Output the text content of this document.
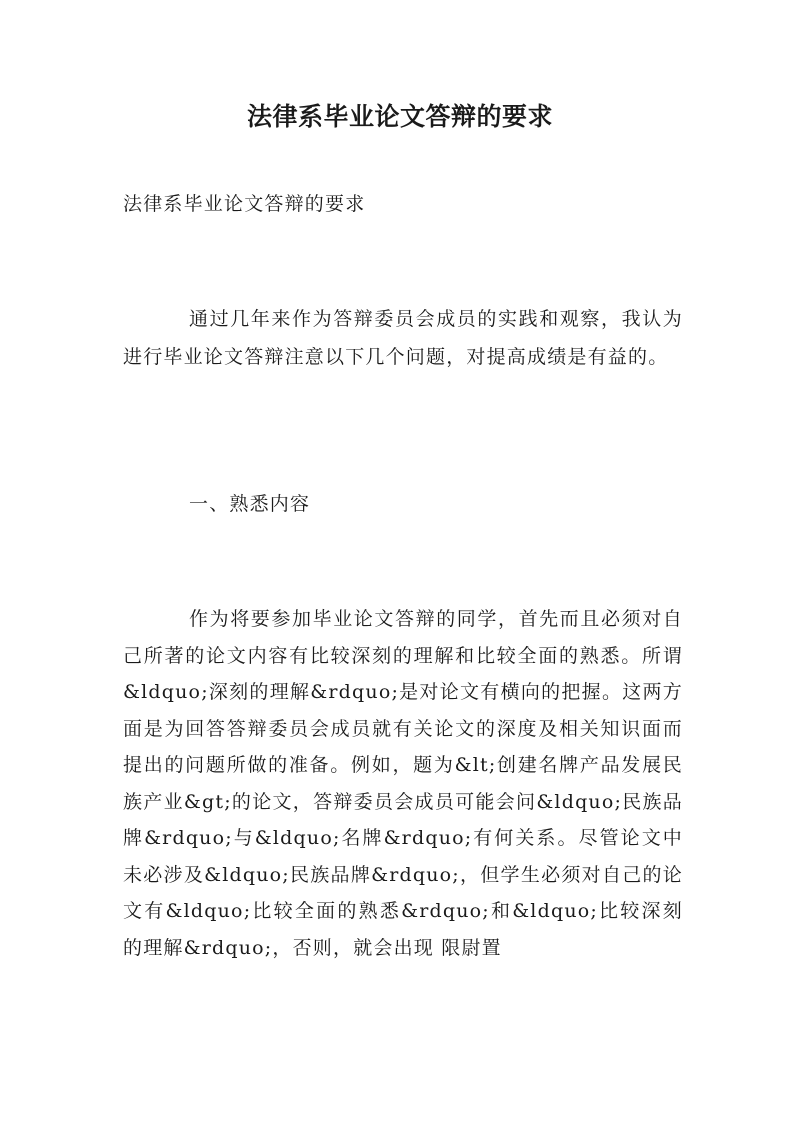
法律系毕业论文答辩的要求
法律系毕业论文答辩的要求
通过几年来作为答辩委员会成员的实践和观察，我认为进行毕业论文答辩注意以下几个问题，对提高成绩是有益的。
一、熟悉内容
作为将要参加毕业论文答辩的同学，首先而且必须对自己所著的论文内容有比较深刻的理解和比较全面的熟悉。所谓&ldquo;深刻的理解&rdquo;是对论文有横向的把握。这两方面是为回答答辩委员会成员就有关论文的深度及相关知识面而提出的问题所做的准备。例如，题为&lt;创建名牌产品发展民族产业&gt;的论文，答辩委员会成员可能会问&ldquo;民族品牌&rdquo;与&ldquo;名牌&rdquo;有何关系。尽管论文中未必涉及&ldquo;民族品牌&rdquo;，但学生必须对自己的论文有&ldquo;比较全面的熟悉&rdquo;和&ldquo;比较深刻的理解&rdquo;，否则，就会出现 限尉置
